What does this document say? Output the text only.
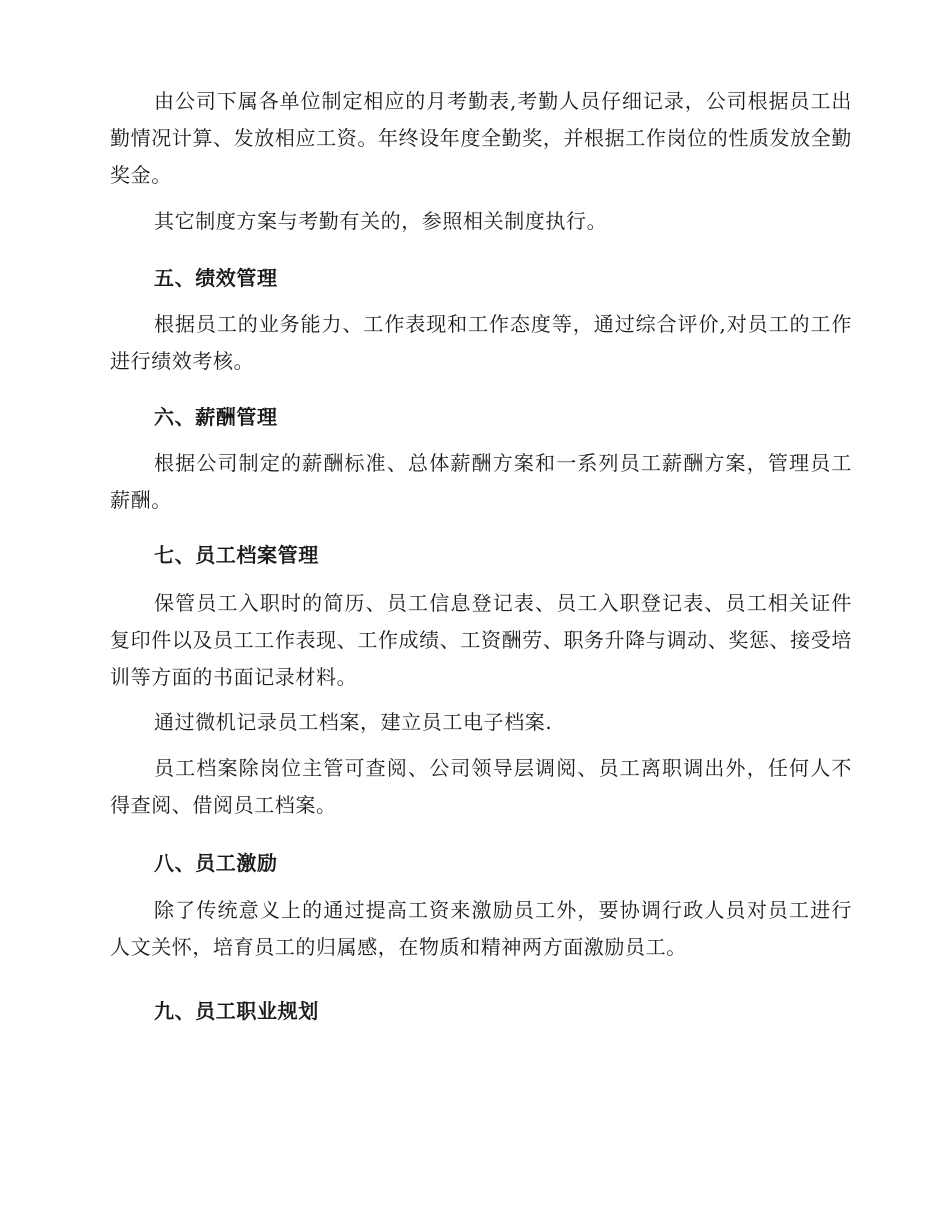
由公司下属各单位制定相应的月考勤表,考勤人员仔细记录，公司根据员工出勤情况计算、发放相应工资。年终设年度全勤奖，并根据工作岗位的性质发放全勤奖金。

其它制度方案与考勤有关的，参照相关制度执行。

五、绩效管理

根据员工的业务能力、工作表现和工作态度等，通过综合评价,对员工的工作进行绩效考核。

六、薪酬管理

根据公司制定的薪酬标准、总体薪酬方案和一系列员工薪酬方案，管理员工薪酬。

七、员工档案管理

保管员工入职时的简历、员工信息登记表、员工入职登记表、员工相关证件复印件以及员工工作表现、工作成绩、工资酬劳、职务升降与调动、奖惩、接受培训等方面的书面记录材料。

通过微机记录员工档案，建立员工电子档案.

员工档案除岗位主管可查阅、公司领导层调阅、员工离职调出外，任何人不得查阅、借阅员工档案。

八、员工激励

除了传统意义上的通过提高工资来激励员工外，要协调行政人员对员工进行人文关怀，培育员工的归属感，在物质和精神两方面激励员工。

九、员工职业规划
